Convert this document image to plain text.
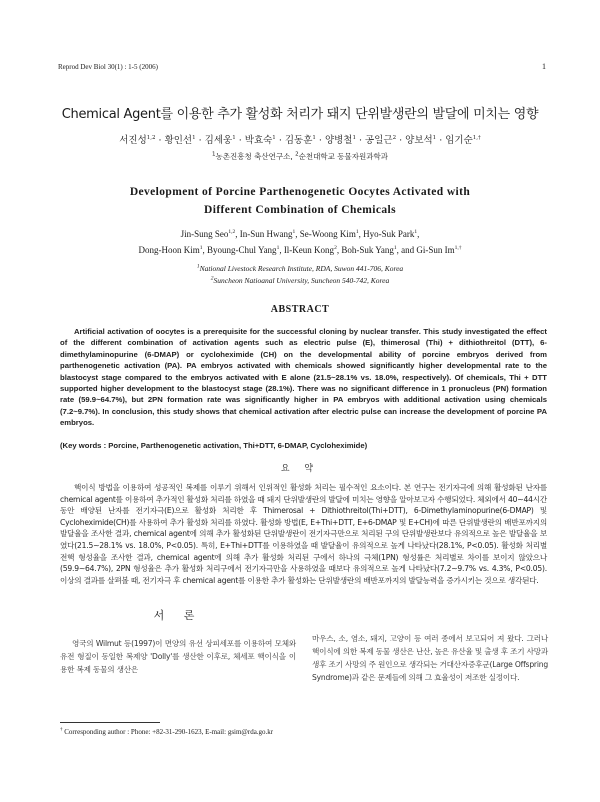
Reprod Dev Biol 30(1) : 1-5 (2006)	1
Chemical Agent를 이용한 추가 활성화 처리가 돼지 단위발생란의 발달에 미치는 영향
서진성$^{1,2}$ · 황인선$^1$ · 김세웅$^1$ · 박효숙$^1$ · 김동훈$^1$ · 양병철$^1$ · 공일근$^2$ · 양보석$^1$ · 임기순$^{1,\dagger}$
$^1$농촌진흥청 축산연구소, $^2$순천대학교 동물자원과학과
Development of Porcine Parthenogenetic Oocytes Activated with
Different Combination of Chemicals
Jin-Sung Seo$^{1,2}$, In-Sun Hwang$^1$, Se-Woong Kim$^1$, Hyo-Suk Park$^1$,
Dong-Hoon Kim$^1$, Byoung-Chul Yang$^1$, Il-Keun Kong$^2$, Boh-Suk Yang$^1$, and Gi-Sun $Im^{1,\dagger}$
$^1$National Livestock Research Institute, RDA, Suwon 441-706, Korea
$^2$Suncheon Natioanal University, Suncheon 540-742, Korea
ABSTRACT
Artificial activation of oocytes is a prerequisite for the successful cloning by nuclear transfer. This study investigated the effect of the different combination of activation agents such as electric pulse (E), thimerosal (Thi) + dithiothreitol (DTT), 6-dimethylaminopurine (6-DMAP) or cycloheximide (CH) on the developmental ability of porcine embryos derived from parthenogenetic activation (PA). PA embryos activated with chemicals showed significantly higher developmental rate to the blastocyst stage compared to the embryos activated with E alone (21.5~28.1% vs. 18.0%, respectively). Of chemicals, Thi + DTT supported higher development to the blastocyst stage (28.1%). There was no significant difference in 1 pronucleus (PN) formation rate (59.9~64.7%), but 2PN formation rate was significantly higher in PA embryos with additional activation using chemicals (7.2~9.7%). In conclusion, this study shows that chemical activation after electric pulse can increase the development of porcine PA embryos.
(Key words : Porcine, Parthenogenetic activation, Thi+DTT, 6-DMAP, Cycloheximide)
요 약
핵이식 방법을 이용하여 성공적인 복제를 이루기 위해서 인위적인 활성화 처리는 필수적인 요소이다. 본 연구는 전기자극에 의해 활성화된 난자를 chemical agent를 이용하여 추가적인 활성화 처리를 하였을 때 돼지 단위발생란의 발달에 미치는 영향을 알아보고자 수행되었다. 체외에서 40~44시간 동안 배양된 난자를 전기자극(E)으로 활성화 처리한 후 Thimerosal + Dithiothreitol(Thi+DTT), 6-Dimethylaminopurine(6-DMAP) 및 Cycloheximide(CH)를 사용하여 추가 활성화 처리를 하였다. 활성화 방법(E, E+Thi+DTT, E+6-DMAP 및 E+CH)에 따른 단위발생란의 배반포까지의 발달율을 조사한 결과, chemical agent에 의해 추가 활성화된 단위발생란이 전기자극만으로 처리된 구의 단위발생란보다 유의적으로 높은 발달율을 보였다(21.5~28.1% vs. 18.0%, P<0.05). 특히, E+Thi+DTT를 이용하였을 때 발달율이 유의적으로 높게 나타났다(28.1%, P<0.05). 활성화 처리별 전핵 형성율을 조사한 결과, chemical agent에 의해 추가 활성화 처리된 구에서 하나의 극체(1PN) 형성률은 처리별로 차이를 보이지 않았으나(59.9~64.7%), 2PN 형성율은 추가 활성화 처리구에서 전기자극만을 사용하였을 때보다 유의적으로 높게 나타났다(7.2~9.7% vs. 4.3%, P<0.05). 이상의 결과를 살펴볼 때, 전기자극 후 chemical agent를 이용한 추가 활성화는 단위발생란의 배반포까지의 발달능력을 증가시키는 것으로 생각된다.
서 론

영국의 Wilmut 등(1997)이 면양의 유선 상피세포를 이용하여 모체와 유전 형질이 동일한 복제양 'Dolly'를 생산한 이후로, 체세포 핵이식을 이용한 복제 동물의 생산은

마우스, 소, 염소, 돼지, 고양이 등 여러 종에서 보고되어 져 왔다. 그러나 핵이식에 의한 복제 동물 생산은 난산, 높은 유산율 및 출생 후 조기 사망과 생후 조기 사망의 주 원인으로 생각되는 거대산자증후군(Large Offspring Syndrome)과 같은 문제들에 의해 그 효율성이 저조한 실정이다.

† Corresponding author : Phone: +82-31-290-1623, E-mail: gsim@rda.go.kr
